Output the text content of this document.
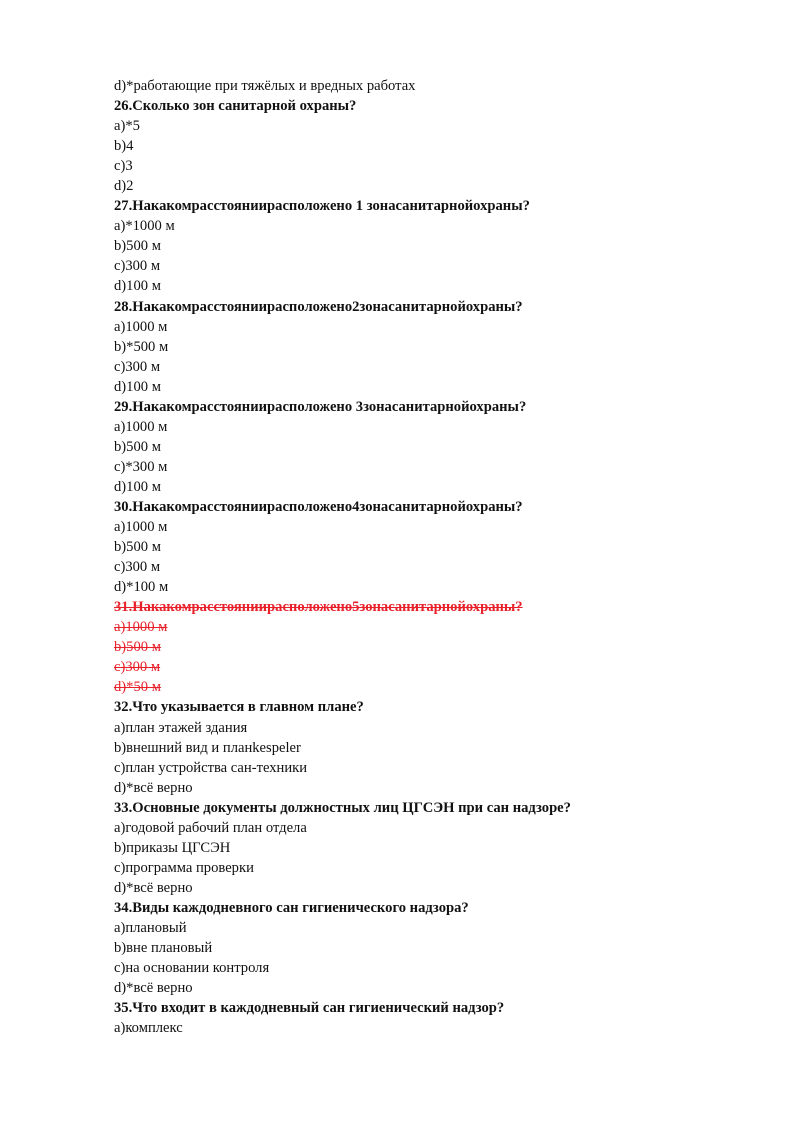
d)*работающие при тяжёлых и вредных работах
26.Сколько зон санитарной охраны?
a)*5
b)4
c)3
d)2
27.Накакомрасстояниирасположено 1 зонасанитарнойохраны?
a)*1000 м
b)500 м
c)300 м
d)100 м
28.Накакомрасстояниирасположено2зонасанитарнойохраны?
a)1000 м
b)*500 м
c)300 м
d)100 м
29.Накакомрасстояниирасположено 3зонасанитарнойохраны?
a)1000 м
b)500 м
c)*300 м
d)100 м
30.Накакомрасстояниирасположено4зонасанитарнойохраны?
a)1000 м
b)500 м
c)300 м
d)*100 м
31.Накакомрасстояниирасположено5зонасанитарнойохраны?
a)1000 м
b)500 м
c)300 м
d)*50 м
32.Что указывается в главном плане?
a)план этажей здания
b)внешний вид и планkespeler
c)план устройства сан-техники
d)*всё верно
33.Основные документы должностных лиц ЦГСЭН при сан надзоре?
a)годовой рабочий план отдела
b)приказы ЦГСЭН
c)программа проверки
d)*всё верно
34.Виды каждодневного сан гигиенического надзора?
a)плановый
b)вне плановый
c)на основании контроля
d)*всё верно
35.Что входит в каждодневный сан гигиенический надзор?
a)комплекс
